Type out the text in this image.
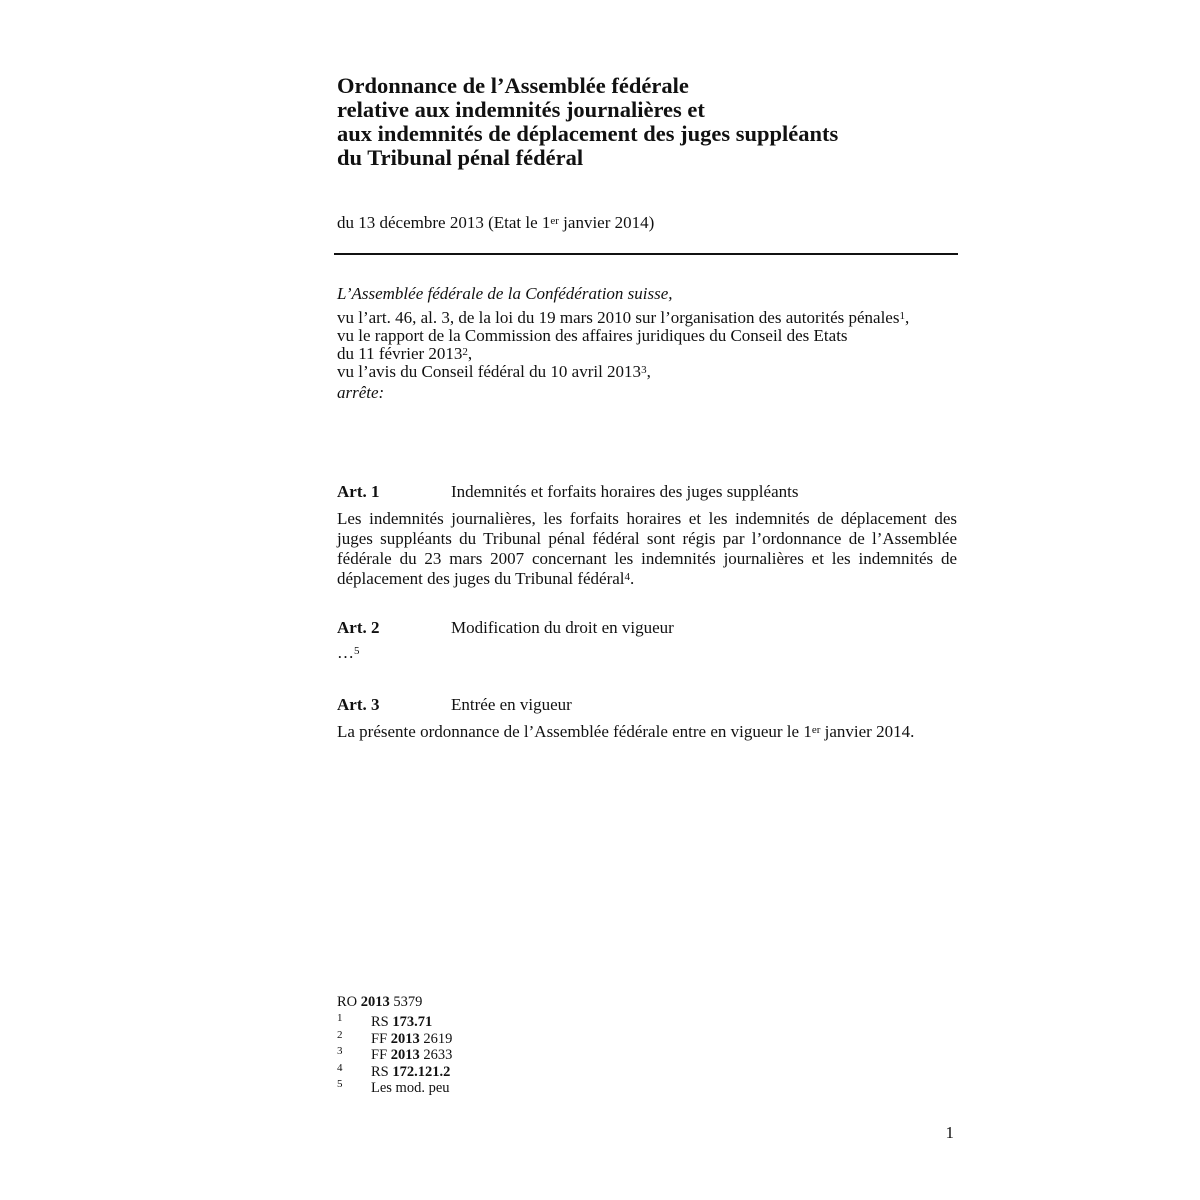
Ordonnance de l’Assemblée fédérale
relative aux indemnités journalières et
aux indemnités de déplacement des juges suppléants
du Tribunal pénal fédéral
du 13 décembre 2013 (Etat le 1er janvier 2014)
L’Assemblée fédérale de la Confédération suisse,
vu l’art. 46, al. 3, de la loi du 19 mars 2010 sur l’organisation des autorités pénales$^1$,
vu le rapport de la Commission des affaires juridiques du Conseil des Etats
du 11 février 2013$^2$,
vu l’avis du Conseil fédéral du 10 avril 2013$^3$,
arrête:
Art. 1	Indemnités et forfaits horaires des juges suppléants
Les indemnités journalières, les forfaits horaires et les indemnités de déplacement des juges suppléants du Tribunal pénal fédéral sont régis par l’ordonnance de l’Assemblée fédérale du 23 mars 2007 concernant les indemnités journalières et les indemnités de déplacement des juges du Tribunal fédéral$^4$.
Art. 2	Modification du droit en vigueur
…$^5$
Art. 3	Entrée en vigueur
La présente ordonnance de l’Assemblée fédérale entre en vigueur le 1er janvier 2014.
RO 2013 5379
1	RS 173.71
2	FF 2013 2619
3	FF 2013 2633
4	RS 172.121.2
5	Les mod. peu
1
